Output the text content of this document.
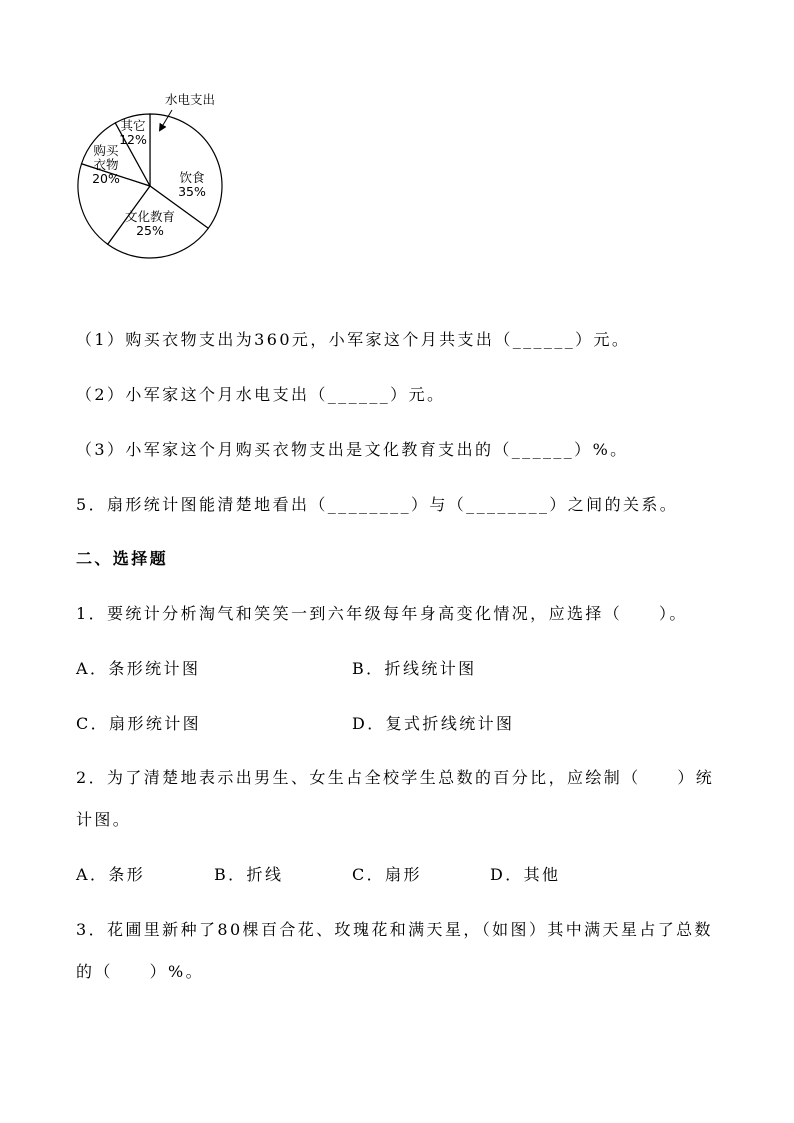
饮食
35%
文化教育
25%
购买
衣物
20%
其它
12%
水电支出
（1）购买衣物支出为360元，小军家这个月共支出（______）元。
（2）小军家这个月水电支出（______）元。
（3）小军家这个月购买衣物支出是文化教育支出的（______）%。
5．扇形统计图能清楚地看出（________）与（________）之间的关系。
二、选择题
1．要统计分析淘气和笑笑一到六年级每年身高变化情况，应选择（　　）。
A．条形统计图	B．折线统计图
C．扇形统计图	D．复式折线统计图
2．为了清楚地表示出男生、女生占全校学生总数的百分比，应绘制（　　）统
计图。
A．条形	B．折线	C．扇形	D．其他
3．花圃里新种了80棵百合花、玫瑰花和满天星，（如图）其中满天星占了总数
的（　　）%。
